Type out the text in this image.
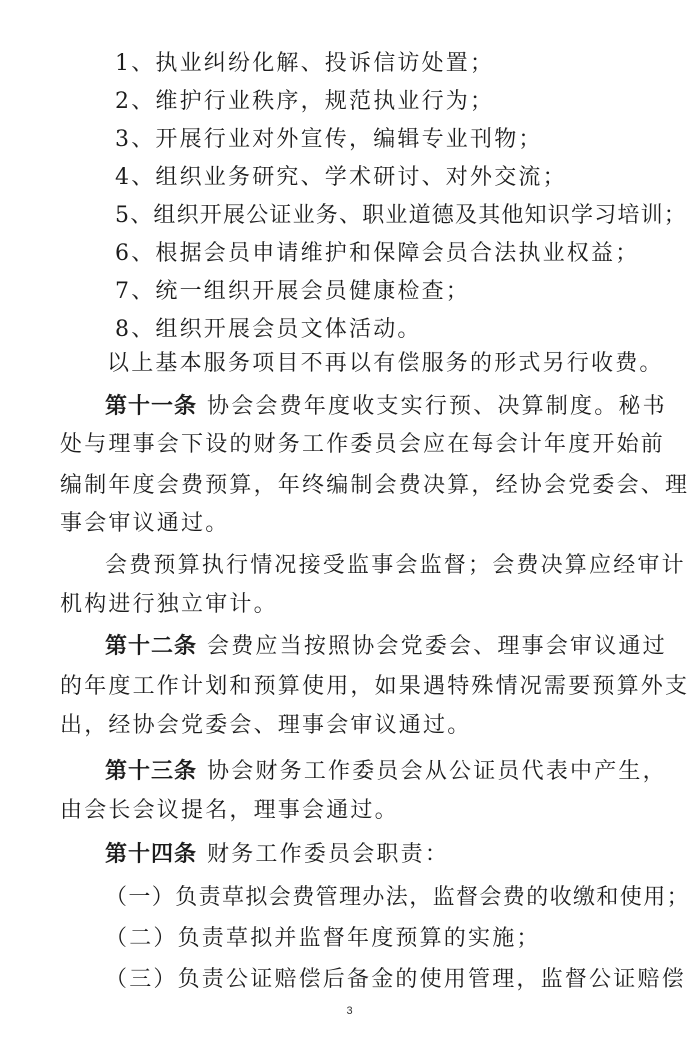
1、执业纠纷化解、投诉信访处置；
2、维护行业秩序，规范执业行为；
3、开展行业对外宣传，编辑专业刊物；
4、组织业务研究、学术研讨、对外交流；
5、组织开展公证业务、职业道德及其他知识学习培训；
6、根据会员申请维护和保障会员合法执业权益；
7、统一组织开展会员健康检查；
8、组织开展会员文体活动。
以上基本服务项目不再以有偿服务的形式另行收费。
第十一条 协会会费年度收支实行预、决算制度。秘书
处与理事会下设的财务工作委员会应在每会计年度开始前
编制年度会费预算，年终编制会费决算，经协会党委会、理
事会审议通过。
会费预算执行情况接受监事会监督；会费决算应经审计
机构进行独立审计。
第十二条 会费应当按照协会党委会、理事会审议通过
的年度工作计划和预算使用，如果遇特殊情况需要预算外支
出，经协会党委会、理事会审议通过。
第十三条 协会财务工作委员会从公证员代表中产生，
由会长会议提名，理事会通过。
第十四条 财务工作委员会职责：
（一）负责草拟会费管理办法，监督会费的收缴和使用；
（二）负责草拟并监督年度预算的实施；
（三）负责公证赔偿后备金的使用管理，监督公证赔偿
3
